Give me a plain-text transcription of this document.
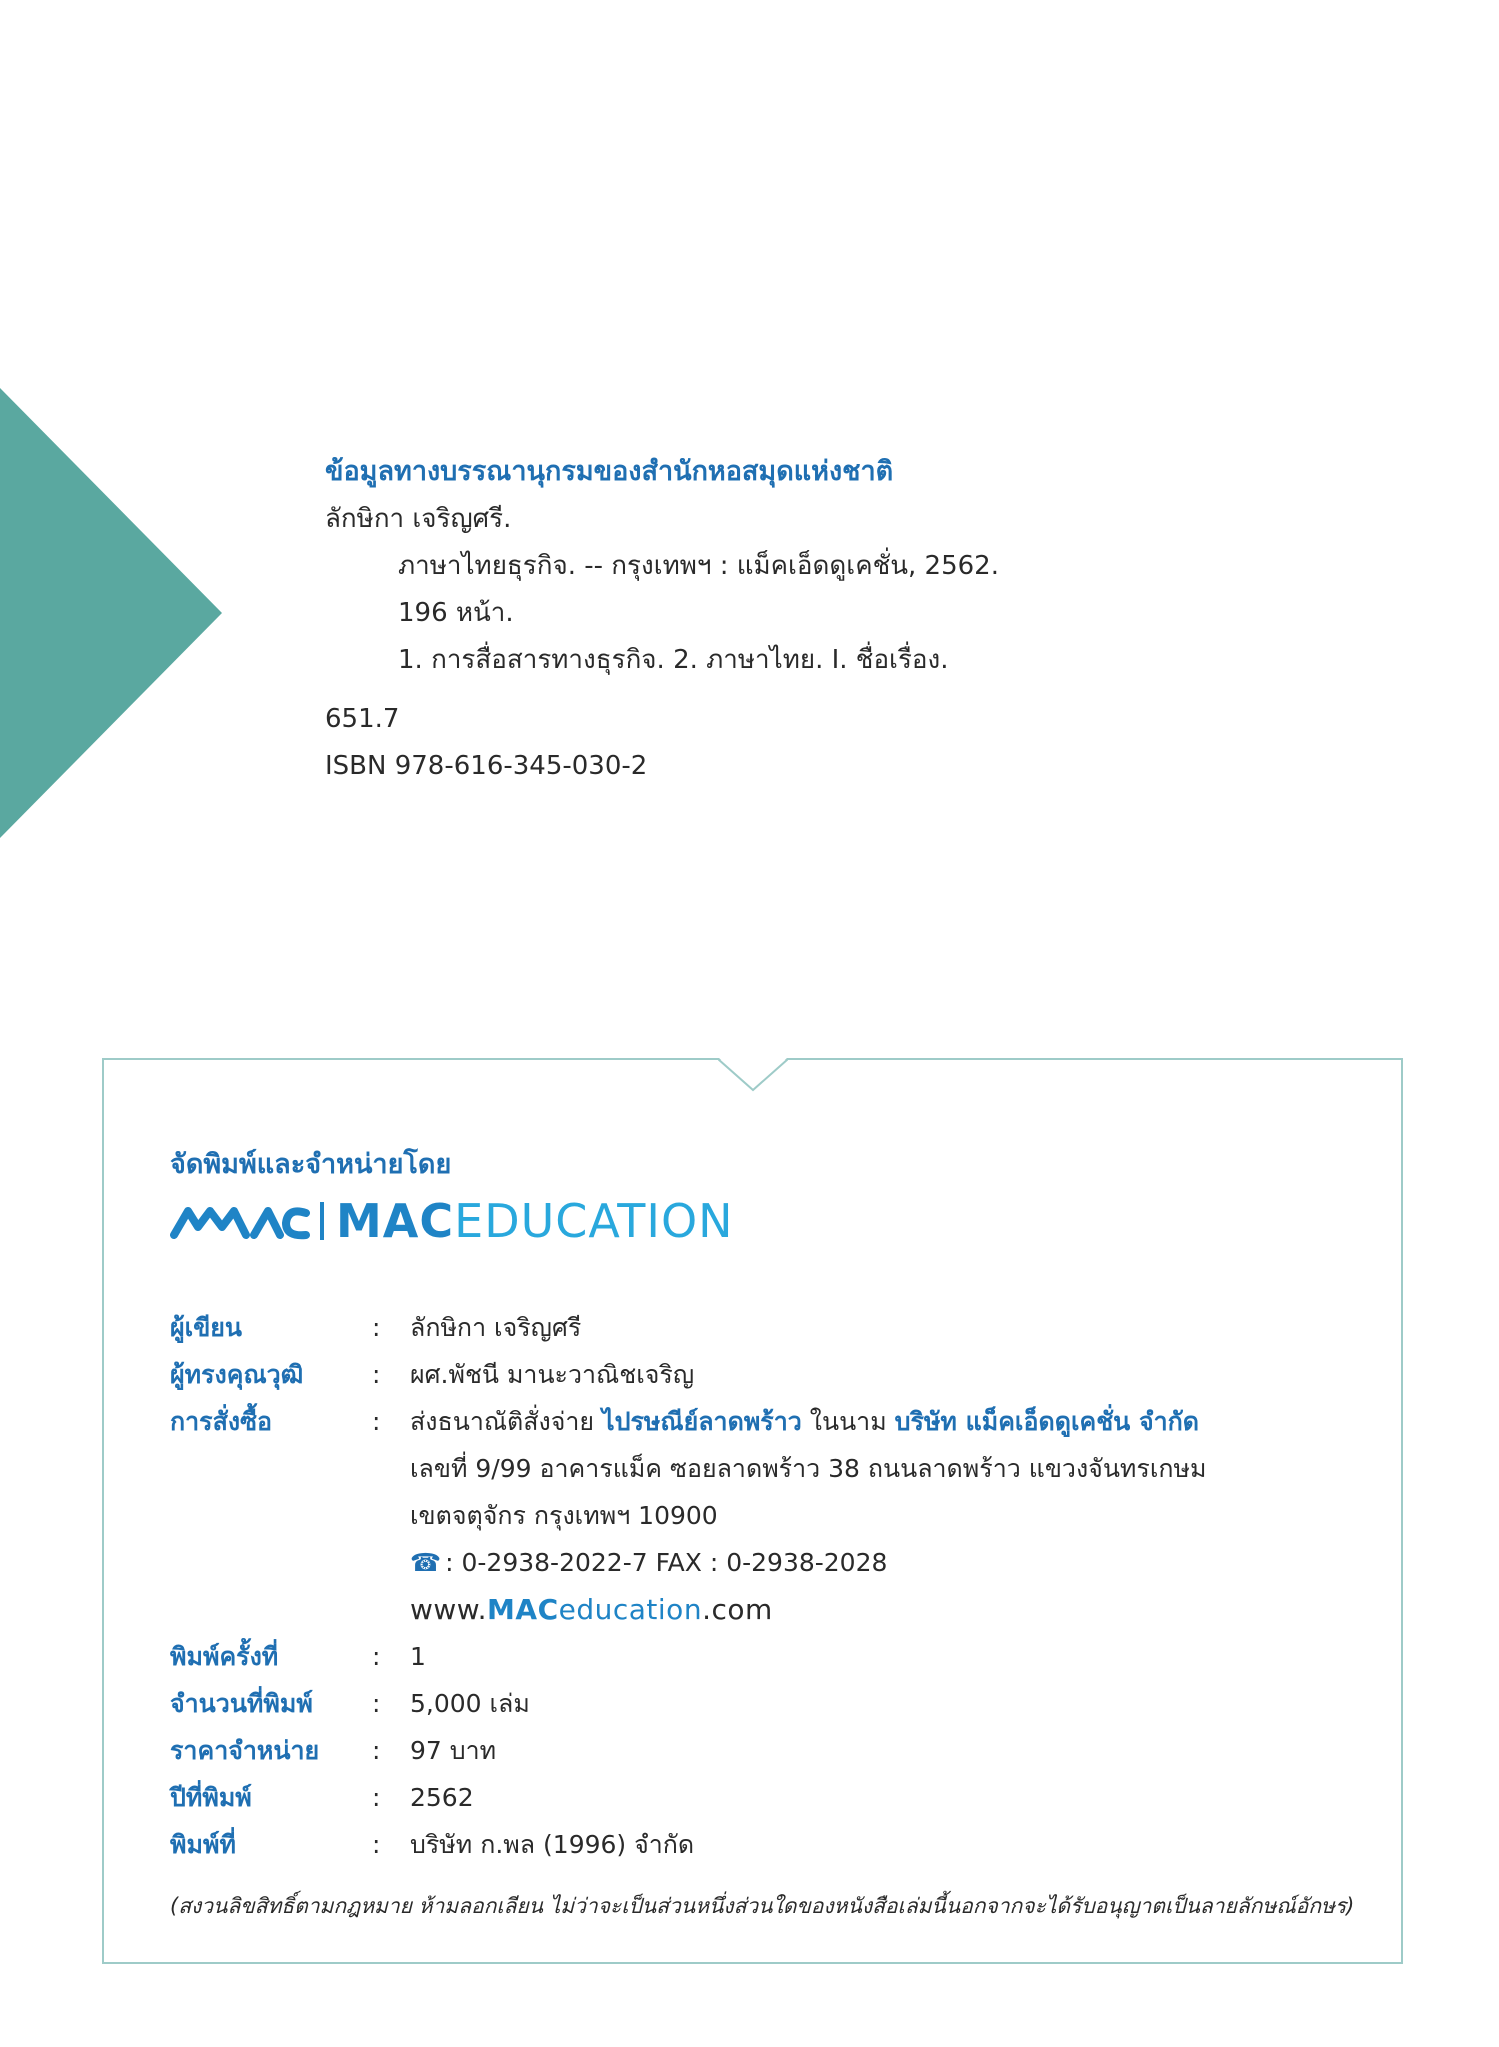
ข้อมูลทางบรรณานุกรมของสำนักหอสมุดแห่งชาติ
ลักษิกา เจริญศรี.
ภาษาไทยธุรกิจ. -- กรุงเทพฯ : แม็คเอ็ดดูเคชั่น, 2562.
196 หน้า.
1. การสื่อสารทางธุรกิจ. 2. ภาษาไทย. I. ชื่อเรื่อง.
651.7
ISBN 978-616-345-030-2
จัดพิมพ์และจำหน่ายโดย
MACEDUCATION
ผู้เขียน	:	ลักษิกา เจริญศรี
ผู้ทรงคุณวุฒิ	:	ผศ.พัชนี มานะวาณิชเจริญ
การสั่งซื้อ	:	ส่งธนาณัติสั่งจ่าย ไปรษณีย์ลาดพร้าว ในนาม บริษัท แม็คเอ็ดดูเคชั่น จำกัด
เลขที่ 9/99 อาคารแม็ค ซอยลาดพร้าว 38 ถนนลาดพร้าว แขวงจันทรเกษม
เขตจตุจักร กรุงเทพฯ 10900
☎ : 0-2938-2022-7 FAX : 0-2938-2028
www.MACeducation.com
พิมพ์ครั้งที่	:	1
จำนวนที่พิมพ์	:	5,000 เล่ม
ราคาจำหน่าย	:	97 บาท
ปีที่พิมพ์	:	2562
พิมพ์ที่	:	บริษัท ก.พล (1996) จำกัด
(สงวนลิขสิทธิ์ตามกฎหมาย ห้ามลอกเลียน ไม่ว่าจะเป็นส่วนหนึ่งส่วนใดของหนังสือเล่มนี้นอกจากจะได้รับอนุญาตเป็นลายลักษณ์อักษร)
